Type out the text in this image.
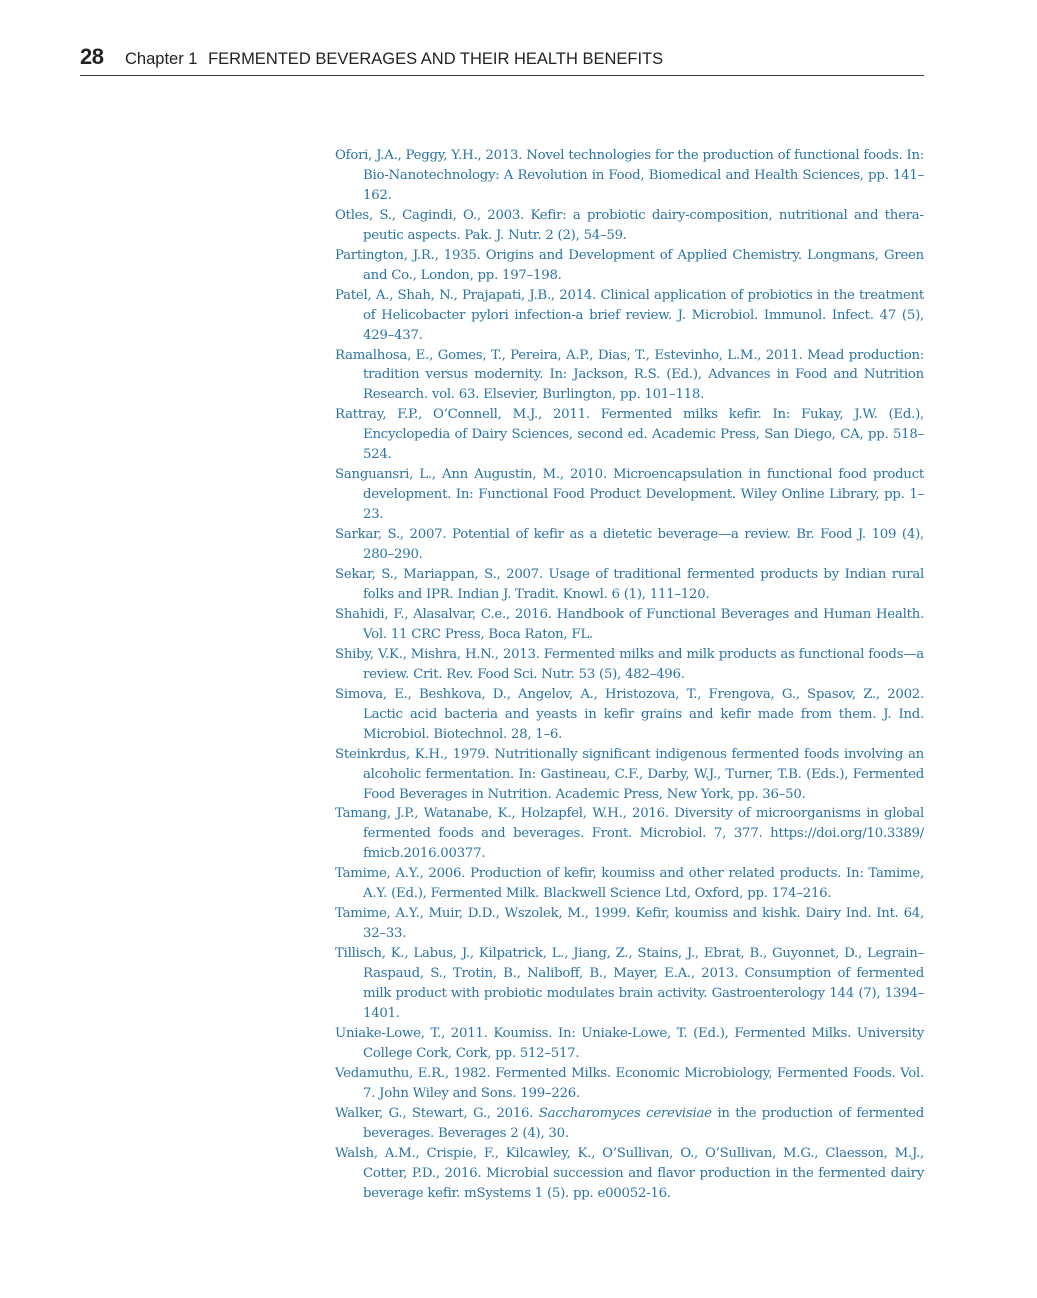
28 Chapter 1 FERMENTED BEVERAGES AND THEIR HEALTH BENEFITS

Ofori, J.A., Peggy, Y.H., 2013. Novel technologies for the production of functional foods. In: Bio-Nanotechnology: A Revolution in Food, Biomedical and Health Sciences, pp. 141–162.

Otles, S., Cagindi, O., 2003. Kefir: a probiotic dairy-composition, nutritional and therapeutic aspects. Pak. J. Nutr. 2 (2), 54–59.

Partington, J.R., 1935. Origins and Development of Applied Chemistry. Longmans, Green and Co., London, pp. 197–198.

Patel, A., Shah, N., Prajapati, J.B., 2014. Clinical application of probiotics in the treatment of Helicobacter pylori infection-a brief review. J. Microbiol. Immunol. Infect. 47 (5), 429–437.

Ramalhosa, E., Gomes, T., Pereira, A.P., Dias, T., Estevinho, L.M., 2011. Mead production: tradition versus modernity. In: Jackson, R.S. (Ed.), Advances in Food and Nutrition Research. vol. 63. Elsevier, Burlington, pp. 101–118.

Rattray, F.P., O’Connell, M.J., 2011. Fermented milks kefir. In: Fukay, J.W. (Ed.), Encyclopedia of Dairy Sciences, second ed. Academic Press, San Diego, CA, pp. 518–524.

Sanguansri, L., Ann Augustin, M., 2010. Microencapsulation in functional food product development. In: Functional Food Product Development. Wiley Online Library, pp. 1–23.

Sarkar, S., 2007. Potential of kefir as a dietetic beverage—a review. Br. Food J. 109 (4), 280–290.

Sekar, S., Mariappan, S., 2007. Usage of traditional fermented products by Indian rural folks and IPR. Indian J. Tradit. Knowl. 6 (1), 111–120.

Shahidi, F., Alasalvar, C.e., 2016. Handbook of Functional Beverages and Human Health. Vol. 11 CRC Press, Boca Raton, FL.

Shiby, V.K., Mishra, H.N., 2013. Fermented milks and milk products as functional foods—a review. Crit. Rev. Food Sci. Nutr. 53 (5), 482–496.

Simova, E., Beshkova, D., Angelov, A., Hristozova, T., Frengova, G., Spasov, Z., 2002. Lactic acid bacteria and yeasts in kefir grains and kefir made from them. J. Ind. Microbiol. Biotechnol. 28, 1–6.

Steinkrdus, K.H., 1979. Nutritionally significant indigenous fermented foods involving an alcoholic fermentation. In: Gastineau, C.F., Darby, W.J., Turner, T.B. (Eds.), Fermented Food Beverages in Nutrition. Academic Press, New York, pp. 36–50.

Tamang, J.P., Watanabe, K., Holzapfel, W.H., 2016. Diversity of microorganisms in global fermented foods and beverages. Front. Microbiol. 7, 377. https://doi.org/10.3389/​fmicb.2016.00377.

Tamime, A.Y., 2006. Production of kefir, koumiss and other related products. In: Tamime, A.Y. (Ed.), Fermented Milk. Blackwell Science Ltd, Oxford, pp. 174–216.

Tamime, A.Y., Muir, D.D., Wszolek, M., 1999. Kefir, koumiss and kishk. Dairy Ind. Int. 64, 32–33.

Tillisch, K., Labus, J., Kilpatrick, L., Jiang, Z., Stains, J., Ebrat, B., Guyonnet, D., Legrain–Raspaud, S., Trotin, B., Naliboff, B., Mayer, E.A., 2013. Consumption of fermented milk product with probiotic modulates brain activity. Gastroenterology 144 (7), 1394–1401.

Uniake-Lowe, T., 2011. Koumiss. In: Uniake-Lowe, T. (Ed.), Fermented Milks. University College Cork, Cork, pp. 512–517.

Vedamuthu, E.R., 1982. Fermented Milks. Economic Microbiology, Fermented Foods. Vol. 7. John Wiley and Sons. 199–226.

Walker, G., Stewart, G., 2016. Saccharomyces cerevisiae in the production of fermented beverages. Beverages 2 (4), 30.

Walsh, A.M., Crispie, F., Kilcawley, K., O’Sullivan, O., O’Sullivan, M.G., Claesson, M.J., Cotter, P.D., 2016. Microbial succession and flavor production in the fermented dairy beverage kefir. mSystems 1 (5). pp. e00052-16.
